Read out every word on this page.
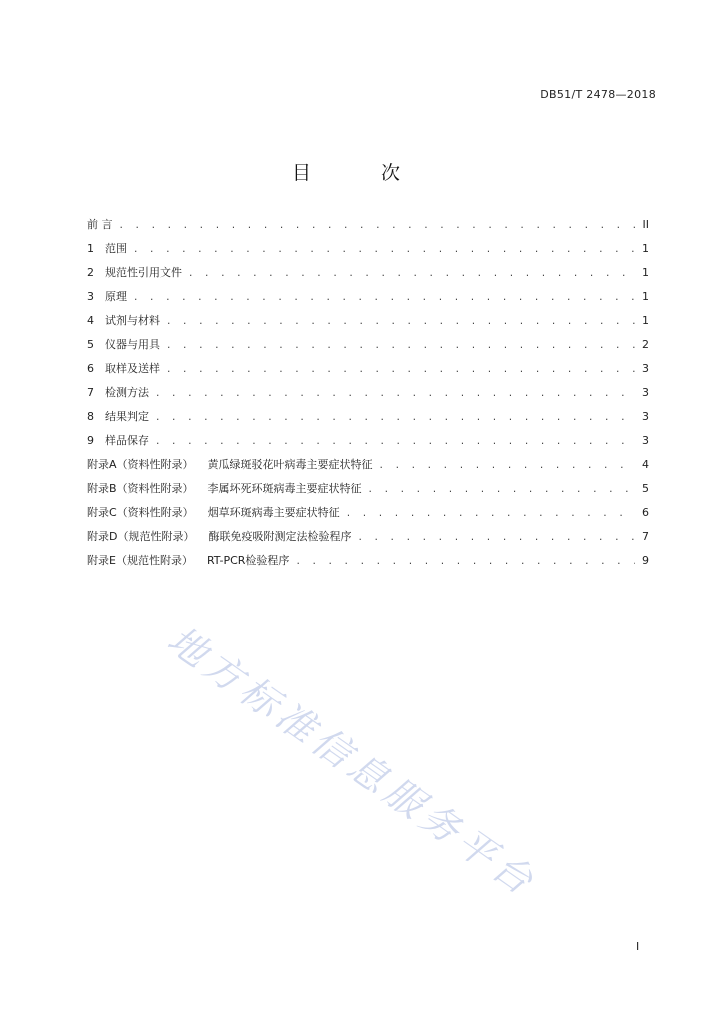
DB51/T 2478—2018
目 次
前 言 . . .	II
1	范围 . . .	1
2	规范性引用文件 . . .	1
3	原理 . . .	1
4	试剂与材料 . . .	1
5	仪器与用具 . . .	2
6	取样及送样 . . .	3
7	检测方法 . . .	3
8	结果判定 . . .	3
9	样品保存 . . .	3
附录A（资料性附录） 黄瓜绿斑驳花叶病毒主要症状特征 . . .	4
附录B（资料性附录） 李属坏死环斑病毒主要症状特征 . . .	5
附录C（资料性附录） 烟草环斑病毒主要症状特征 . . .	6
附录D（规范性附录） 酶联免疫吸附测定法检验程序 . . .	7
附录E（规范性附录） RT-PCR检验程序 . . .	9
地方标准信息服务平台
I
